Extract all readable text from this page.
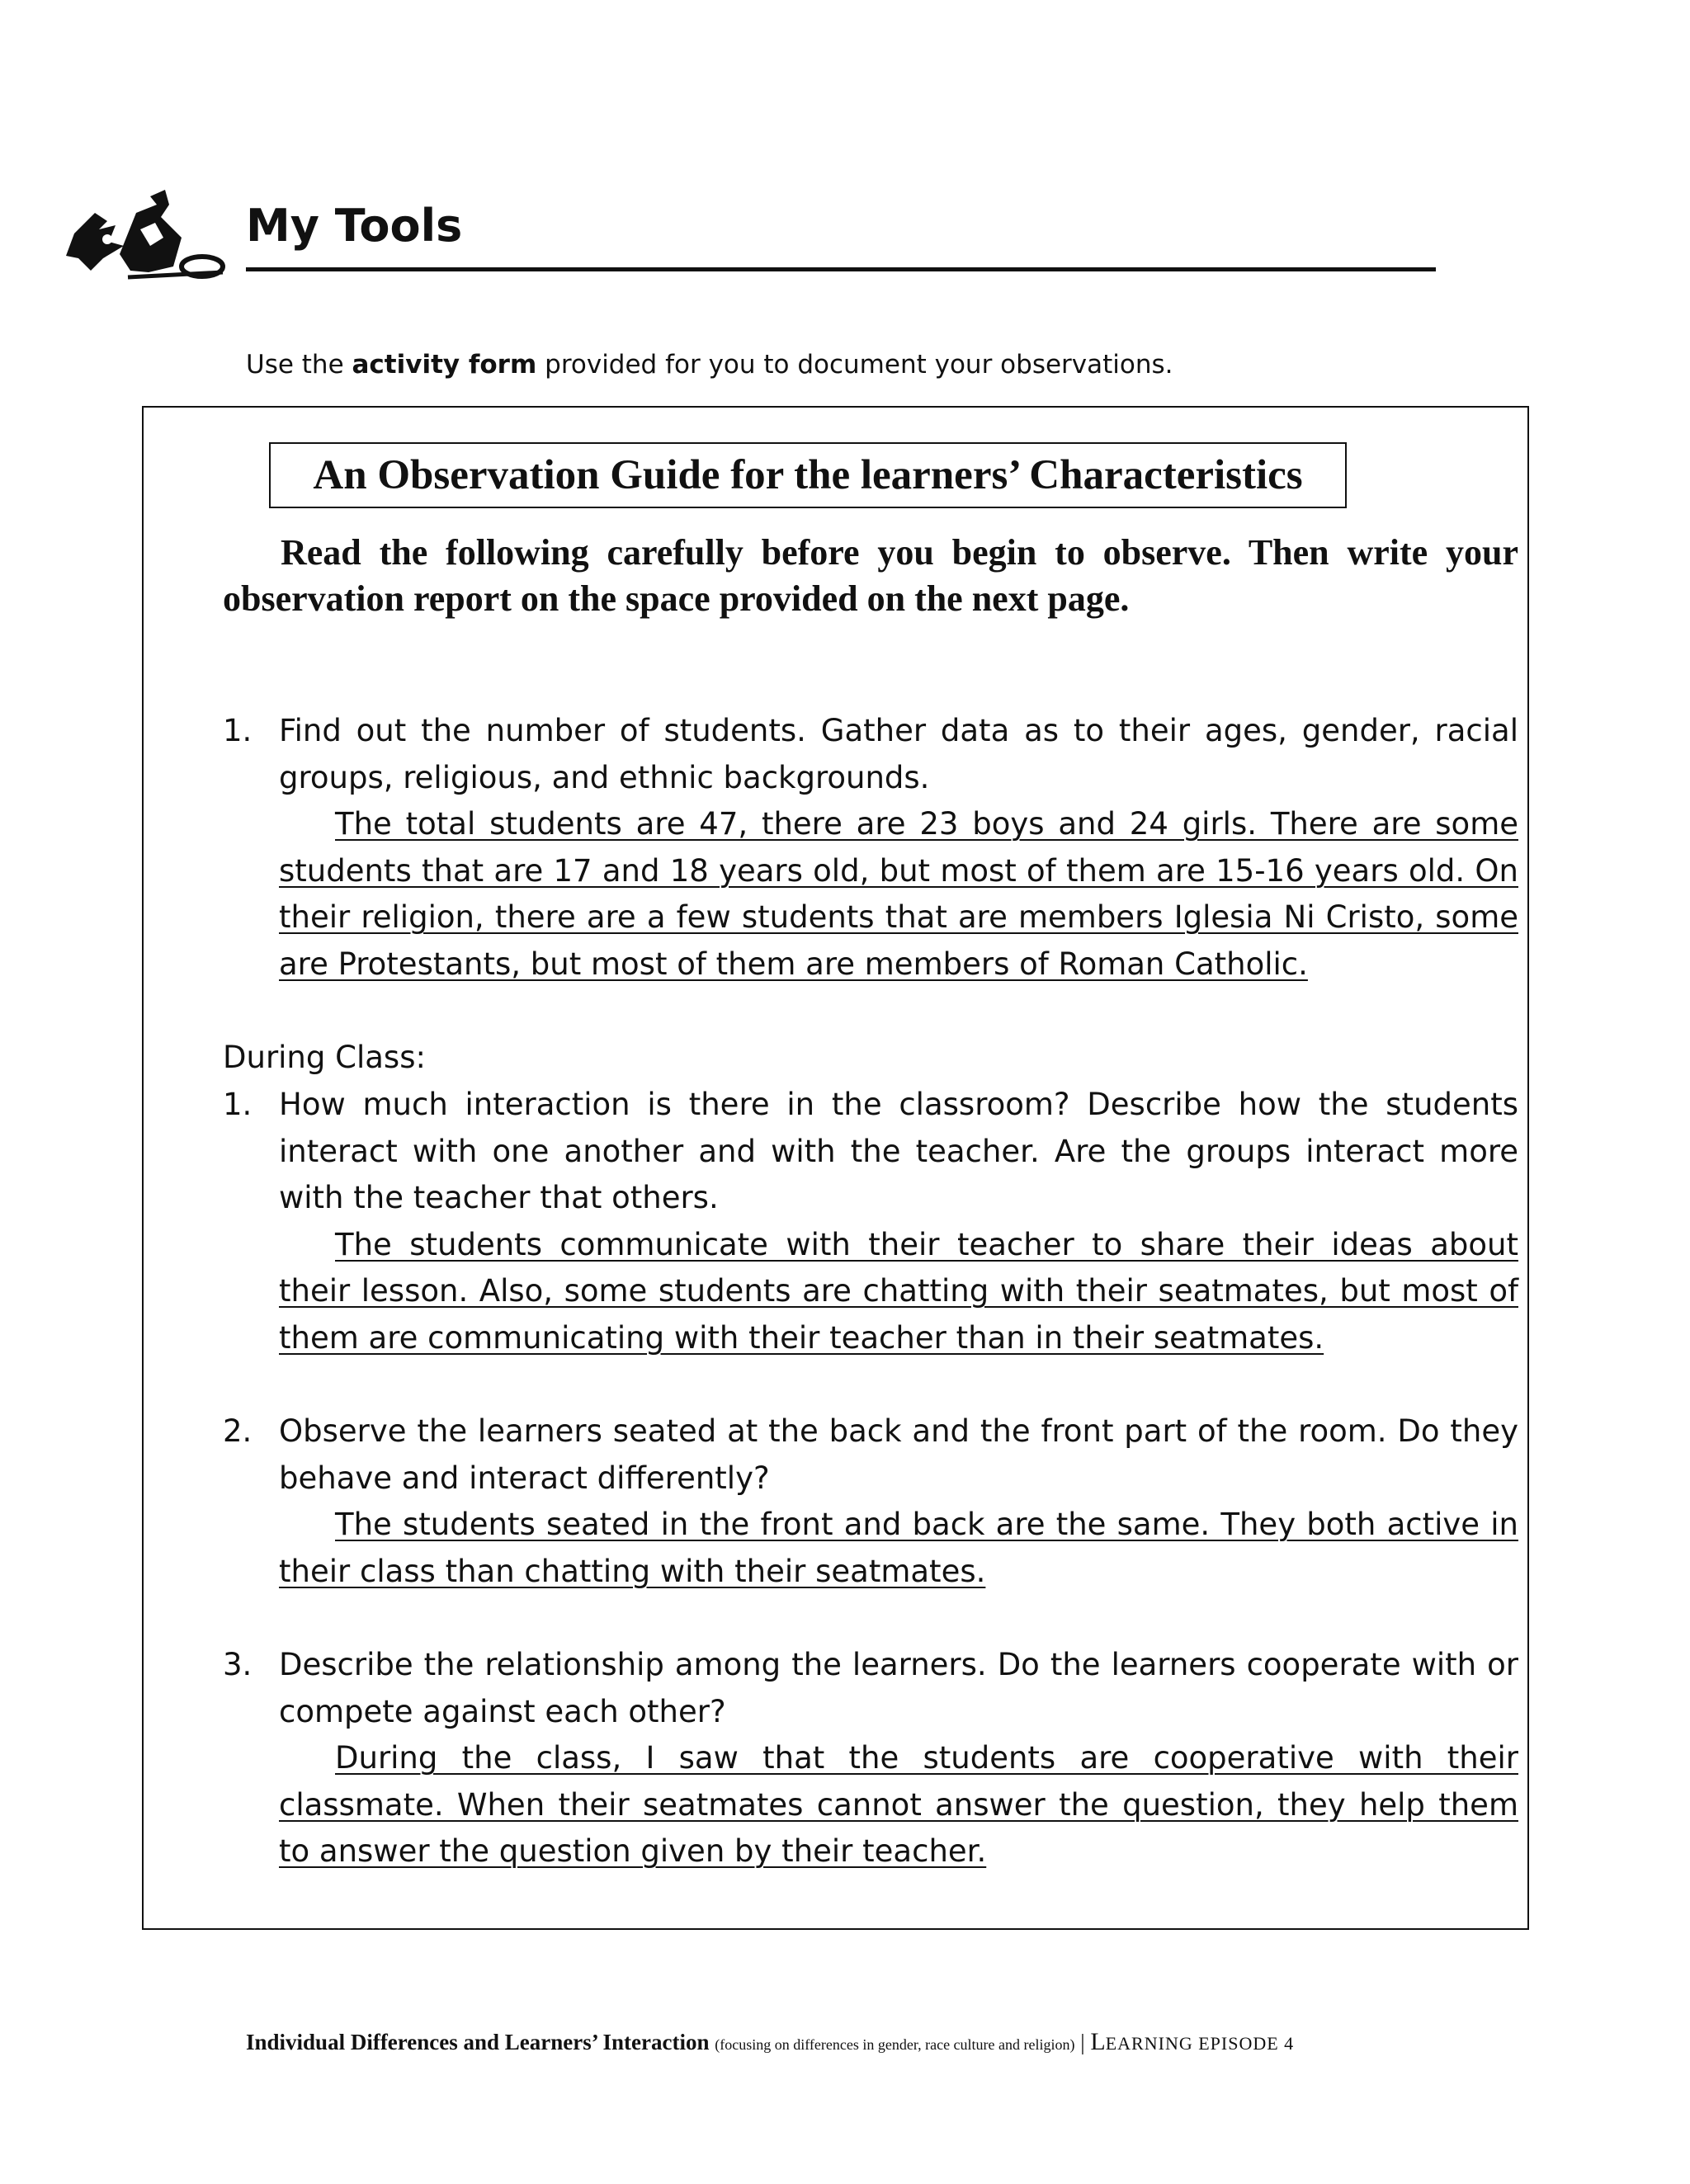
My Tools
Use the activity form provided for you to document your observations.
An Observation Guide for the learners’ Characteristics
Read the following carefully before you begin to observe. Then write your observation report on the space provided on the next page.
1. Find out the number of students. Gather data as to their ages, gender, racial groups, religious, and ethnic backgrounds.
The total students are 47, there are 23 boys and 24 girls. There are some students that are 17 and 18 years old, but most of them are 15-16 years old. On their religion, there are a few students that are members Iglesia Ni Cristo, some are Protestants, but most of them are members of Roman Catholic.
During Class:
1. How much interaction is there in the classroom? Describe how the students interact with one another and with the teacher. Are the groups interact more with the teacher that others.
The students communicate with their teacher to share their ideas about their lesson. Also, some students are chatting with their seatmates, but most of them are communicating with their teacher than in their seatmates.
2. Observe the learners seated at the back and the front part of the room. Do they behave and interact differently?
The students seated in the front and back are the same. They both active in their class than chatting with their seatmates.
3. Describe the relationship among the learners. Do the learners cooperate with or compete against each other?
During the class, I saw that the students are cooperative with their classmate. When their seatmates cannot answer the question, they help them to answer the question given by their teacher.
Individual Differences and Learners’ Interaction (focusing on differences in gender, race culture and religion) | LEARNING EPISODE 4
